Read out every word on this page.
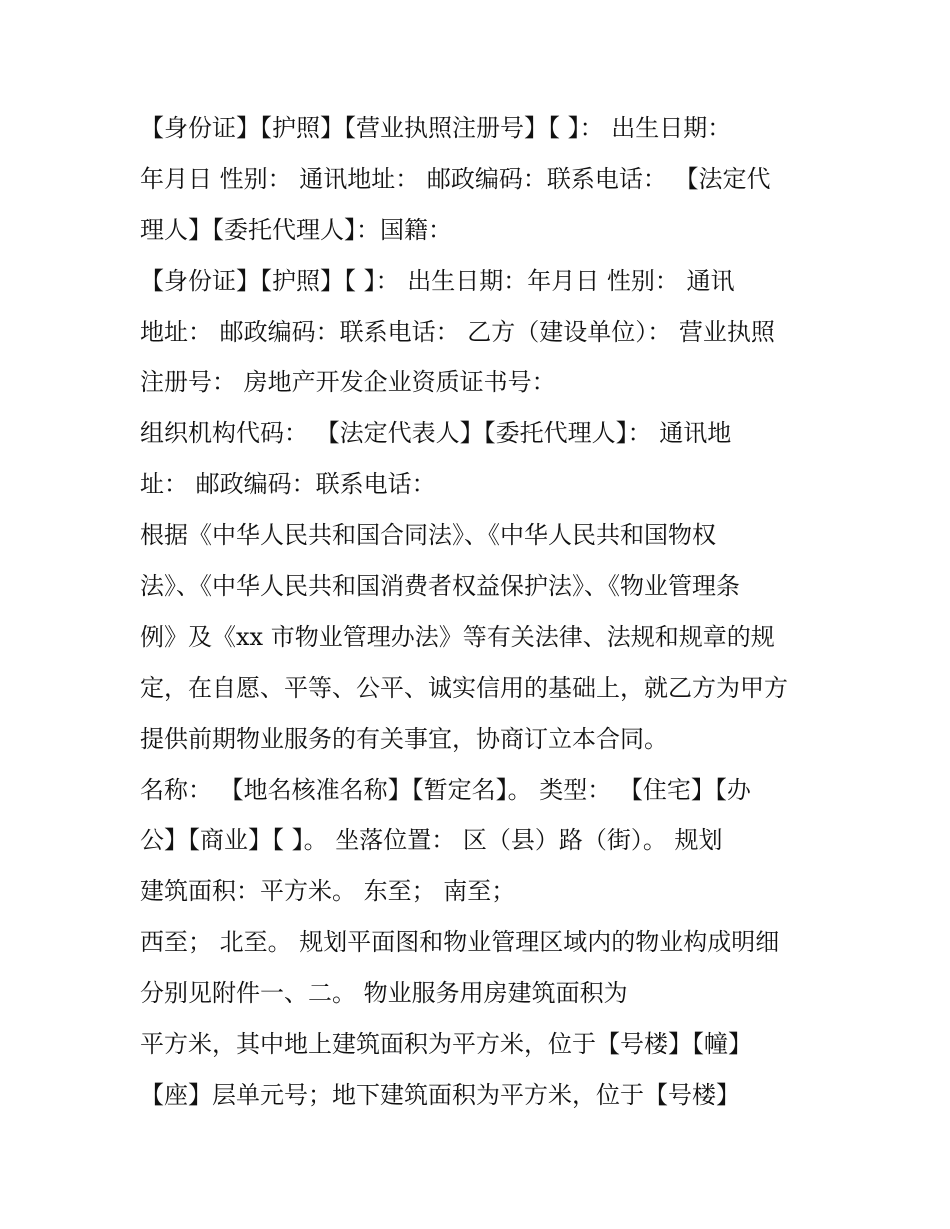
【身份证】【护照】【营业执照注册号】【 】： 出生日期：

年月日 性别： 通讯地址： 邮政编码：联系电话： 【法定代

理人】【委托代理人】：国籍：

【身份证】【护照】【 】： 出生日期：年月日 性别： 通讯

地址： 邮政编码：联系电话： 乙方（建设单位）： 营业执照

注册号： 房地产开发企业资质证书号：

组织机构代码： 【法定代表人】【委托代理人】： 通讯地

址： 邮政编码：联系电话：

根据《中华人民共和国合同法》、《中华人民共和国物权

法》、《中华人民共和国消费者权益保护法》、《物业管理条

例》及《xx 市物业管理办法》等有关法律、法规和规章的规

定，在自愿、平等、公平、诚实信用的基础上，就乙方为甲方

提供前期物业服务的有关事宜，协商订立本合同。

名称： 【地名核准名称】【暂定名】。 类型： 【住宅】【办

公】【商业】【 】。 坐落位置： 区（县）路（街）。 规划

建筑面积：平方米。 东至； 南至；

西至； 北至。 规划平面图和物业管理区域内的物业构成明细

分别见附件一、二。 物业服务用房建筑面积为

平方米，其中地上建筑面积为平方米，位于【号楼】【幢】

【座】层单元号；地下建筑面积为平方米，位于【号楼】
